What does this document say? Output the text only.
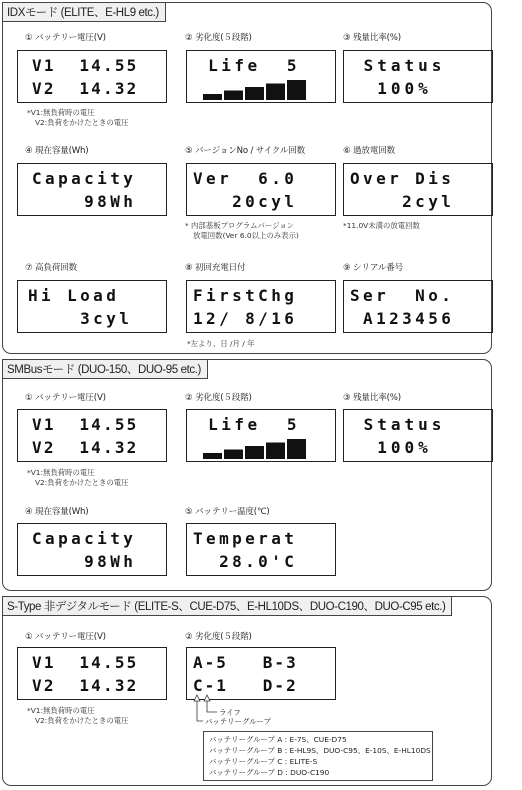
IDXモード (ELITE、E-HL9 etc.)
① バッテリー電圧(V)
V1  14.55
V2  14.32
*V1:無負荷時の電圧
V2:負荷をかけたときの電圧
② 劣化度(５段階)
Life  5
③ 残量比率(%)
Status
100%
④ 現在容量(Wh)
Capacity
98Wh
⑤ バージョンNo / サイクル回数
Ver  6.0
20cyl
* 内部基板プログラムバージョン
放電回数(Ver 6.0以上のみ表示)
⑥ 過放電回数
Over Dis
2cyl
*11.0V未満の放電回数
⑦ 高負荷回数
Hi Load
3cyl
⑧ 初回充電日付
FirstChg
12/ 8/16
*左より、日 /月 / 年
⑨ シリアル番号
Ser  No.
A123456
SMBusモード (DUO-150、DUO-95 etc.)
① バッテリー電圧(V)
V1  14.55
V2  14.32
*V1:無負荷時の電圧
V2:負荷をかけたときの電圧
② 劣化度(５段階)
Life  5
③ 残量比率(%)
Status
100%
④ 現在容量(Wh)
Capacity
98Wh
⑤ バッテリー温度(℃)
Temperat
28.0'C
S-Type 非デジタルモード (ELITE-S、CUE-D75、E-HL10DS、DUO-C190、DUO-C95 etc.)
① バッテリー電圧(V)
V1  14.55
V2  14.32
*V1:無負荷時の電圧
V2:負荷をかけたときの電圧
② 劣化度(５段階)
A-5   B-3
C-1   D-2
ライフ
バッテリーグループ
バッテリーグループ A : E-7S、CUE-D75
バッテリーグループ B : E-HL9S、DUO-C95、E-10S、E-HL10DS
バッテリーグループ C : ELITE-S
バッテリーグループ D : DUO-C190
